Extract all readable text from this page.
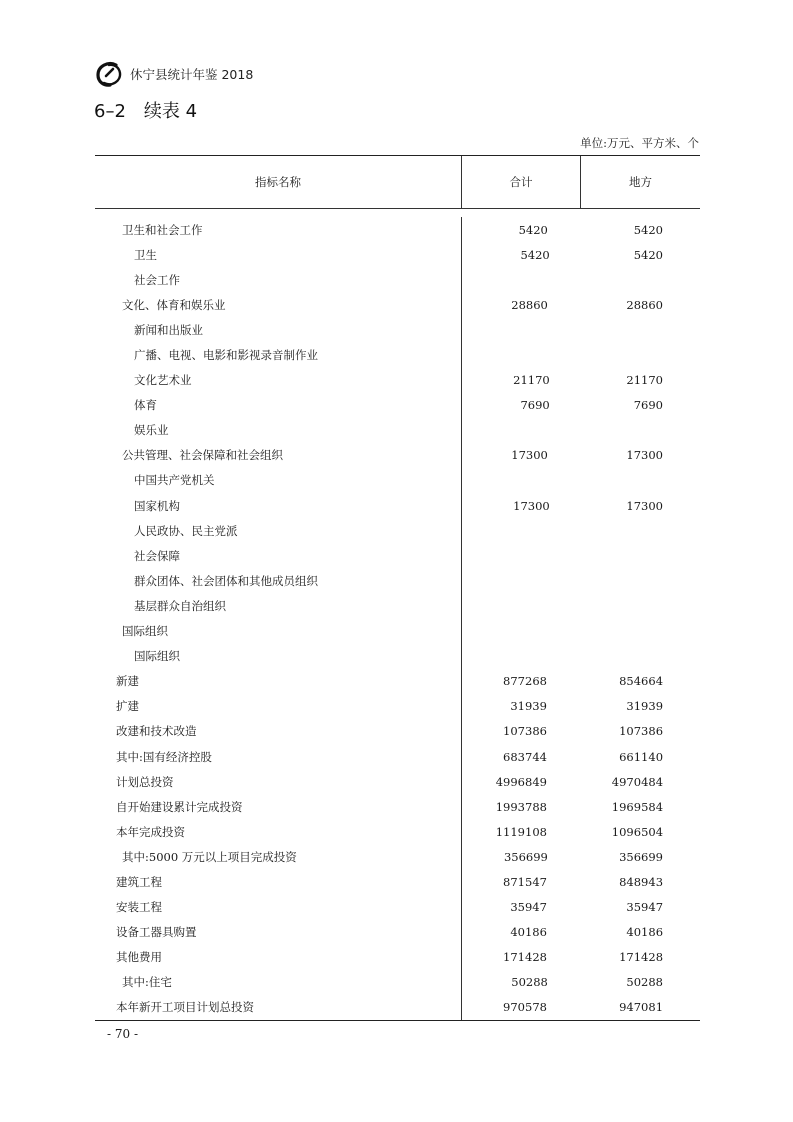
休宁县统计年鉴 2018
6–2 续表 4
单位:万元、平方米、个
指标名称	合计	地方
卫生和社会工作	5420	5420
卫生	5420	5420
社会工作
文化、体育和娱乐业	28860	28860
新闻和出版业
广播、电视、电影和影视录音制作业
文化艺术业	21170	21170
体育	7690	7690
娱乐业
公共管理、社会保障和社会组织	17300	17300
中国共产党机关
国家机构	17300	17300
人民政协、民主党派
社会保障
群众团体、社会团体和其他成员组织
基层群众自治组织
国际组织
国际组织
新建	877268	854664
扩建	31939	31939
改建和技术改造	107386	107386
其中:国有经济控股	683744	661140
计划总投资	4996849	4970484
自开始建设累计完成投资	1993788	1969584
本年完成投资	1119108	1096504
其中:5000 万元以上项目完成投资	356699	356699
建筑工程	871547	848943
安装工程	35947	35947
设备工器具购置	40186	40186
其他费用	171428	171428
其中:住宅	50288	50288
本年新开工项目计划总投资	970578	947081
- 70 -
